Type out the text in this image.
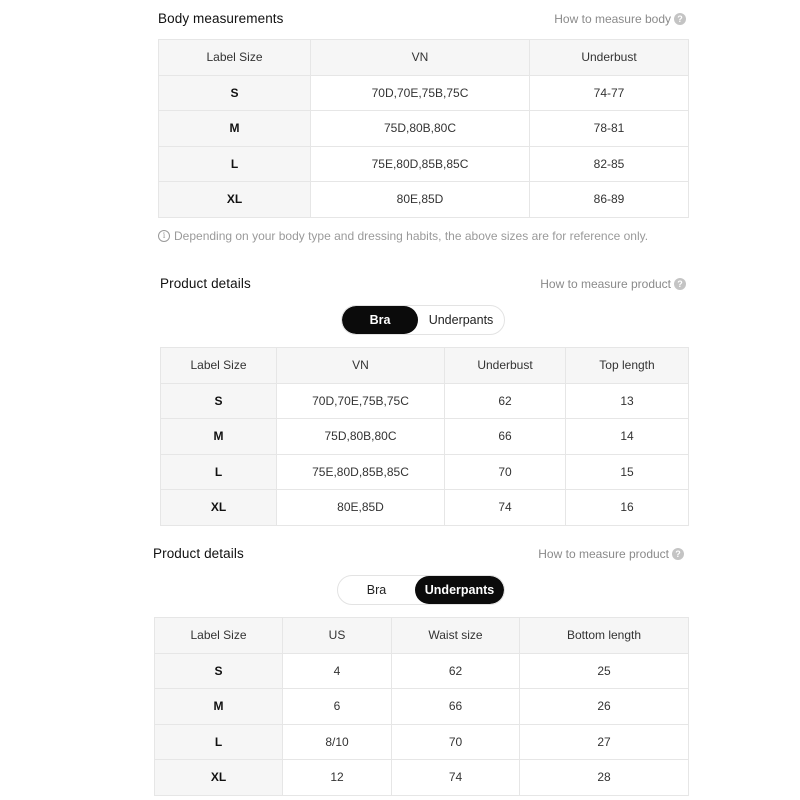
Body measurements	How to measure body ?
Label Size	VN	Underbust
S	70D,70E,75B,75C	74-77
M	75D,80B,80C	78-81
L	75E,80D,85B,85C	82-85
XL	80E,85D	86-89
i Depending on your body type and dressing habits, the above sizes are for reference only.
Product details	How to measure product ?
Bra	Underpants
Label Size	VN	Underbust	Top length
S	70D,70E,75B,75C	62	13
M	75D,80B,80C	66	14
L	75E,80D,85B,85C	70	15
XL	80E,85D	74	16
Product details	How to measure product ?
Bra	Underpants
Label Size	US	Waist size	Bottom length
S	4	62	25
M	6	66	26
L	8/10	70	27
XL	12	74	28
